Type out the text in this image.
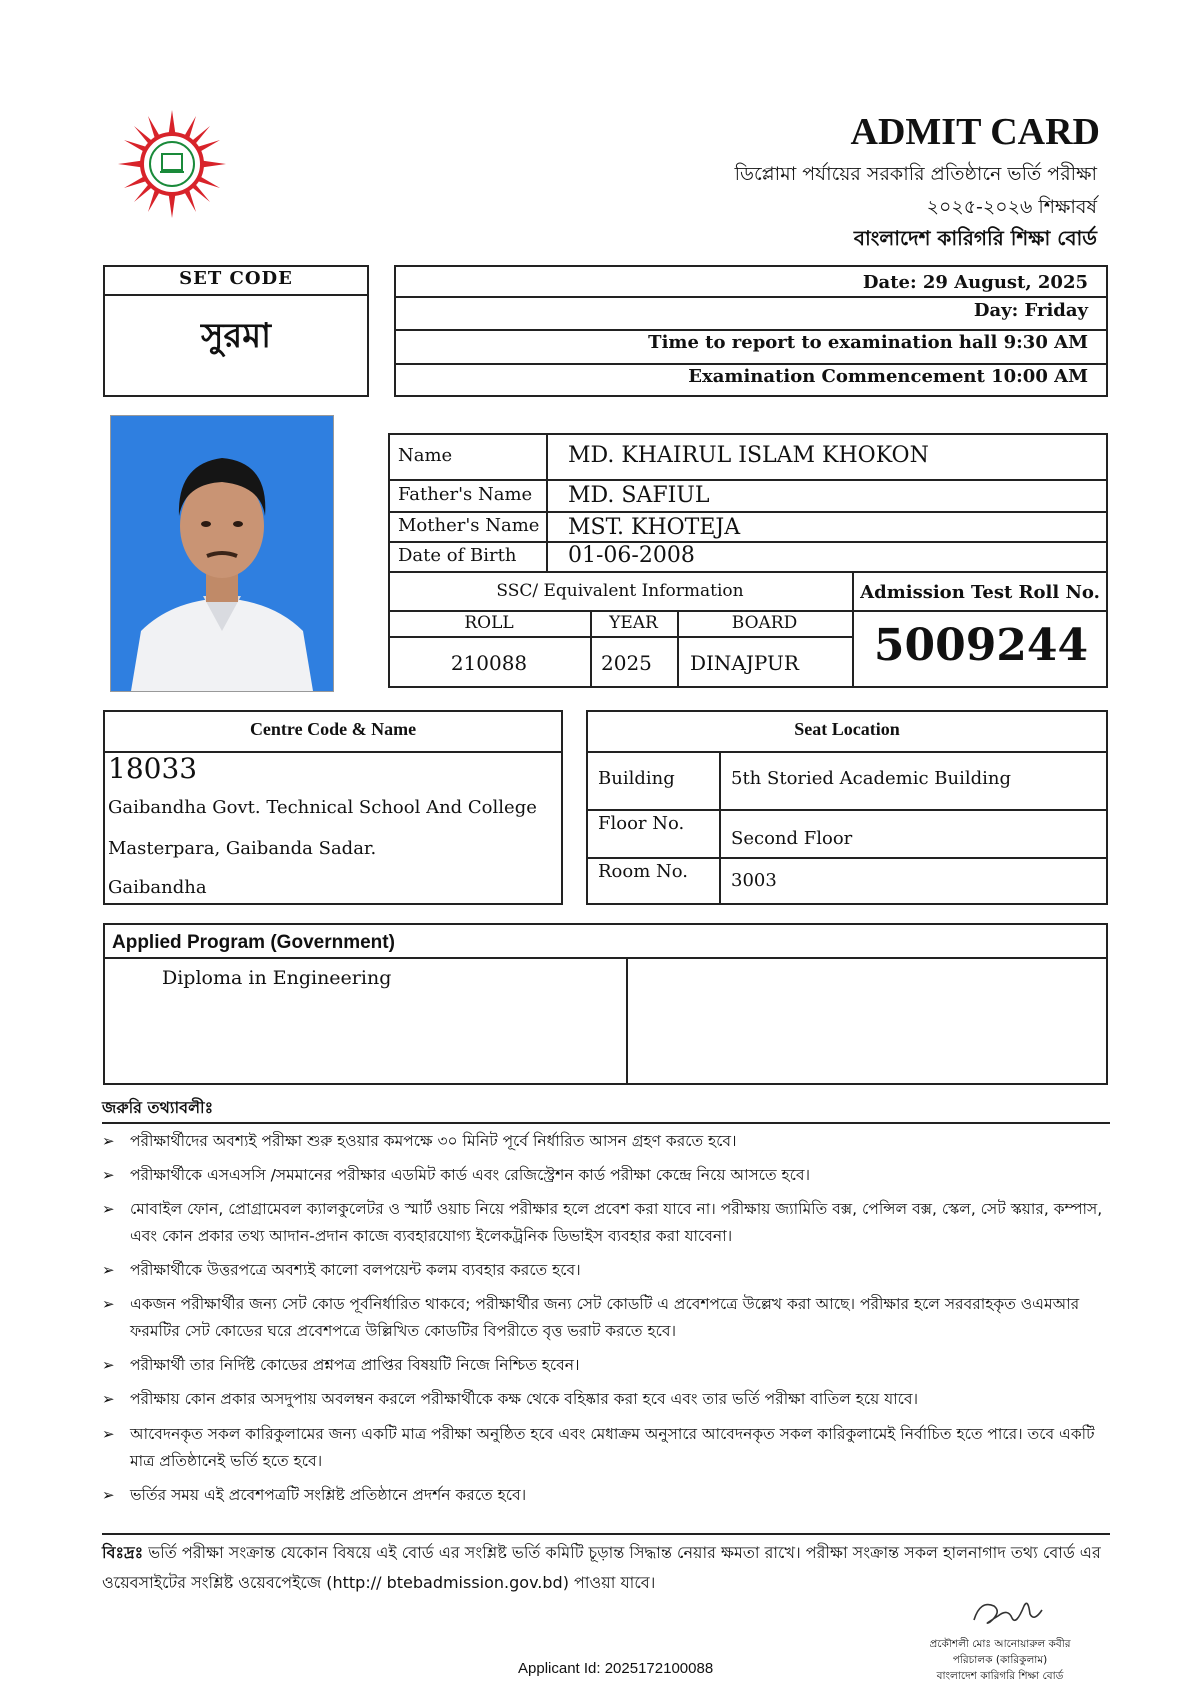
ADMIT CARD
ডিপ্লোমা পর্যায়ের সরকারি প্রতিষ্ঠানে ভর্তি পরীক্ষা
২০২৫-২০২৬ শিক্ষাবর্ষ
বাংলাদেশ কারিগরি শিক্ষা বোর্ড
SET CODE
সুরমা
Date: 29 August, 2025
Day: Friday
Time to report to examination hall 9:30 AM
Examination Commencement 10:00 AM
Name	MD. KHAIRUL ISLAM KHOKON
Father's Name MD. SAFIUL
Mother's Name MST. KHOTEJA
Date of Birth 01-06-2008
SSC/ Equivalent Information
ROLL	YEAR	BOARD
210088	2025 DINAJPUR
Admission Test Roll No.
5009244
Centre Code & Name
18033
Gaibandha Govt. Technical School And College
Masterpara, Gaibanda Sadar.
Gaibandha
Seat Location
Building	5th Storied Academic Building
Floor No.
Second Floor
Room No. 3003
Applied Program (Government)
Diploma in Engineering
জরুরি তথ্যাবলীঃ
➢ পরীক্ষার্থীদের অবশ্যই পরীক্ষা শুরু হওয়ার কমপক্ষে ৩০ মিনিট পূর্বে নির্ধারিত আসন গ্রহণ করতে হবে।
➢ পরীক্ষার্থীকে এসএসসি /সমমানের পরীক্ষার এডমিট কার্ড এবং রেজিস্ট্রেশন কার্ড পরীক্ষা কেন্দ্রে নিয়ে আসতে হবে।
➢ মোবাইল ফোন, প্রোগ্রামেবল ক্যালকুলেটর ও স্মার্ট ওয়াচ নিয়ে পরীক্ষার হলে প্রবেশ করা যাবে না। পরীক্ষায় জ্যামিতি বক্স, পেন্সিল বক্স, স্কেল, সেট স্কয়ার, কম্পাস, এবং কোন প্রকার তথ্য আদান-প্রদান কাজে ব্যবহারযোগ্য ইলেকট্রনিক ডিভাইস ব্যবহার করা যাবেনা।
➢ পরীক্ষার্থীকে উত্তরপত্রে অবশ্যই কালো বলপয়েন্ট কলম ব্যবহার করতে হবে।
➢ একজন পরীক্ষার্থীর জন্য সেট কোড পূর্বনির্ধারিত থাকবে; পরীক্ষার্থীর জন্য সেট কোডটি এ প্রবেশপত্রে উল্লেখ করা আছে। পরীক্ষার হলে সরবরাহকৃত ওএমআর ফরমটির সেট কোডের ঘরে প্রবেশপত্রে উল্লিখিত কোডটির বিপরীতে বৃত্ত ভরাট করতে হবে।
➢ পরীক্ষার্থী তার নির্দিষ্ট কোডের প্রশ্নপত্র প্রাপ্তির বিষয়টি নিজে নিশ্চিত হবেন।
➢ পরীক্ষায় কোন প্রকার অসদুপায় অবলম্বন করলে পরীক্ষার্থীকে কক্ষ থেকে বহিষ্কার করা হবে এবং তার ভর্তি পরীক্ষা বাতিল হয়ে যাবে।
➢ আবেদনকৃত সকল কারিকুলামের জন্য একটি মাত্র পরীক্ষা অনুষ্ঠিত হবে এবং মেধাক্রম অনুসারে আবেদনকৃত সকল কারিকুলামেই নির্বাচিত হতে পারে। তবে একটি মাত্র প্রতিষ্ঠানেই ভর্তি হতে হবে।
➢ ভর্তির সময় এই প্রবেশপত্রটি সংশ্লিষ্ট প্রতিষ্ঠানে প্রদর্শন করতে হবে।
বিঃদ্রঃ ভর্তি পরীক্ষা সংক্রান্ত যেকোন বিষয়ে এই বোর্ড এর সংশ্লিষ্ট ভর্তি কমিটি চূড়ান্ত সিদ্ধান্ত নেয়ার ক্ষমতা রাখে। পরীক্ষা সংক্রান্ত সকল হালনাগাদ তথ্য বোর্ড এর ওয়েবসাইটের সংশ্লিষ্ট ওয়েবপেইজে (http:// btebadmission.gov.bd) পাওয়া যাবে।
প্রকৌশলী মোঃ আনোয়ারুল কবীর
পরিচালক (কারিকুলাম)
বাংলাদেশ কারিগরি শিক্ষা বোর্ড
Applicant Id: 2025172100088
